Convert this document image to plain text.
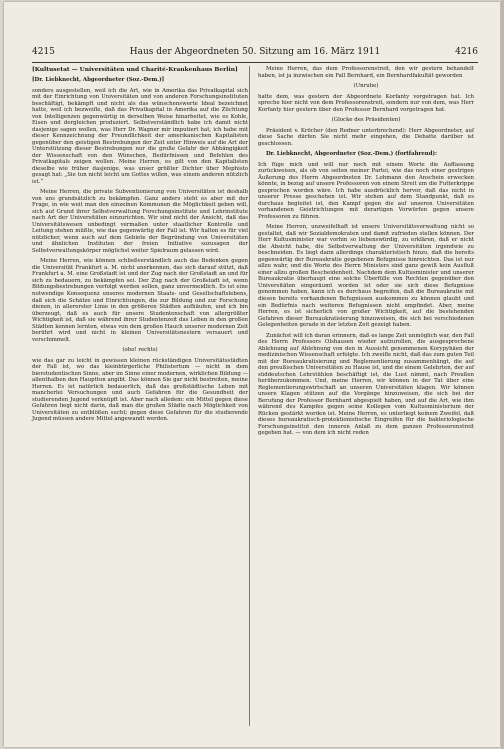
4215	Haus der Abgeordneten 50. Sitzung am 16. März 1911	4216
[Kultusetat — Universitäten und Charité-Krankenhaus Berlin]
[Dr. Liebknecht, Abgeordneter (Soz.-Dem.)]
sonders ausgestellen, weil ich die Art, wie in Amerika das Privatkapital sich mit der Einrichtung von Universitäten und von anderen Forschungsinstituten beschäftigt, bekämpft und nicht als das wünschenswerte Ideal bezeichnet hatte, weil ich bezweifle, daß das Privatkapital in Amerika auf die Züchtung von Intelligenzen gegenwärtig in derselben Weise hinarbeitet, wie es Kohle, Eisen und dergleichen produziert. Selbstverständlich habe ich damit nicht dasjenige sagen wollen, was Herr Dr. Wagner mir imputiert hat, ich habe mit dieser Kennzeichnung der Freundlichkeit der amerikanischen Kapitalisten gegenüber den geistigen Bestrebungen der Zeit unter Hinweis auf die Art der Unterstützung dieser Bestrebungen nur die große Gefahr der Abhängigkeit der Wissenschaft von den Wünschen, Bedürfnissen und Befehlen des Privatkapitals zeigen wollen. Meine Herren, es gilt von den Kapitalisten dieselbe wie früher dasjenige, was unser größter Dichter über Mephisto gesagt hat: „Sie tun nicht leicht um Gottes willen, was einem anderen nützlich ist.“
Meine Herren, die private Subventionierung von Universitäten ist deshalb von uns grundsätzlich zu bekämpfen. Ganz anders steht es aber mit der Frage, in wie weit man den einzelnen Kommunen die Möglichkeit geben will, sich auf Grund ihrer Selbstverwaltung Forschungsinstitute und Lehrinstitute nach Art der Universitäten einzurichten. Wir sind nicht der Ansicht, daß das Universitätswesen unbedingt vermaßen unter staatlicher Kontrolle und Leitung stehen müßte, wie das gegenwärtig der Fall ist. Wir halten es für viel nützlicher, wenn auch auf dem Gebiete der Begründung von Universitäten und ähnlichen Instituten der freien Initiative sozusagen der Selbstverwaltungskörper möglichst weiter Spielraum gelassen wird.
Meine Herren, wie können schließverständlich auch das Bedenken gegen die Universität Frankfurt a. M. nicht anerkennen, das sich darauf stützt, daß Frankfurt a. M. eine Großstadt ist und der Zug nach der Großstadt an und für sich zu bedauern, zu bekämpfen sei. Der Zug nach der Großstadt ist, wenn Bildungsbestrebungen verfolgt werden sollen, ganz unvermeidlich. Es ist eine notwendige Konsequenz unseres modernen Staats- und Gesellschaftslebens, daß sich die Schätze und Einrichtungen, die zur Bildung und zur Forschung dienen, in allererster Linie in den größeren Städten aufhäufen, und ich bin überzeugt, daß es auch für unsere Studentenschaft von allergrößter Wichtigkeit ist, daß sie während ihrer Studentenzeit das Leben in den großen Städten kennen lernten, etwas von dem großen Hauch unserer modernen Zeit berührt wird und nicht in kleinen Universitätsnestern versauert und verschimmelt.
(oho! rechts)
wie das gar zu leicht in gewissen kleinen rückständigen Universitätsstädten der Fall ist, wo das kleinbürgerliche Philistertum — nicht in dem bierstudentischen Sinne, aber im Sinne einer modernen, wirklichen Bildung — allenthalben den Hauptton angibt. Das können Sie gar nicht bestreiten, meine Herren. Es ist natürlich bedauerlich, daß das großstädtische Leben mit mancherlei Versuchungen und auch Gefahren für die Gesundheit der studierenden Jugend verknüpft ist. Aber nach alledem: ein Mittel gegen diese Gefahren liegt nicht darin, daß man die großen Städte nach Möglichkeit von Universitäten zu entblößen sucht; gegen diese Gefahren für die studierende Jugend müssen andere Mittel angewandt werden.
Meine Herren, das dem Professorenstreit, den wir gestern behandelt haben, ist ja inzwischen ein Fall Bernhard, ein Bernhardfakultät geworden
(Unruhe)
hatte dem, was gestern der Abgeordnete Korfanty vorgetragen hat. Ich spreche hier nicht von dem Professorenstreit, sondern nur von dem, was Herr Korfanty hier gestern über den Professor Bernhard vorgetragen hat.
(Glocke des Präsidenten)
Präsident v. Kröcher (den Redner unterbrechend): Herr Abgeordneter, auf diese Sache dürfen Sie nicht mehr eingehen, die Debatte darüber ist geschlossen.
Dr. Liebknecht, Abgeordneter (Soz.-Dem.) (fortfahrend):
Ich füge mich und will nur noch mit einem Worte die Auffassung zurückweisen, als ob von seiten meiner Partei, wie das noch einer gestrigen Äußerung des Herrn Abgeordneten Dr. Lohmann den Anschein erwecken könnte, in bezug auf unsere Professoren von einem Streit um die Futterkrippe gesprochen worden wäre. Ich habe ausdrücklich hervor, daß das nicht in unserer Presse geschehen ist. Wir stehen auf dem Standpunkt, daß es durchaus begleitet ist, den Kampf gegen die auf unseren Universitäten vorhandenen Geistrichtungen mit derartigen Vorwürfen gegen unsere Professoren zu führen.
Meine Herren, unzweifelhaft ist unsere Universitätsverwaltung nicht so gestaltet, daß wir Sozialdemokraten und damit zufrieden stellen können. Der Herr Kultusminister war vorhin so liebenswürdig, zu erklären, daß er nicht die Absicht habe, die Selbstverwaltung der Universitäten irgendwie zu beschneiden. Es liegt dann allerdings charakteristisch hinzu, daß die bereits gegenwärtig der Bureaukratie gegebenen Befugnisse hinreichten. Das ist nur allzu wahr, und die Worte des Herrn Ministers sind ganz gewiß kein Ausfluß einer allzu großen Bescheidenheit. Nachdem dem Kultusminister und unserer Bureaukratie überhaupt eine solche Überfülle von Rechten gegenüber den Universitäten eingeräumt worden ist oder sie sich diese Befugnisse genommen haben, kann ich es durchaus begreifen, daß die Bureaukratie mit diesen bereits vorhandenen Befugnissen auskommen zu können glaubt und ein Bedürfnis nach weiteren Befugnissen nicht empfindet. Aber, meine Herren, es ist sicherlich von großer Wichtigkeit, auf die bestehenden Gefahren dieser Bureaukratisierung hinzuweisen, die sich bei verschiedenen Gelegenheiten gerade in der letzten Zeit gezeigt haben.
Zunächst will ich daran erinnern, daß es lange Zeit unmöglich war, den Fall des Herrn Professors Olshausen wieder aufzurollen, die ausgesprochene Ablehnung auf Ablehnung von den in Aussicht genommenen Korypyhäen der medizinischen Wissenschaft erfolgte. Ich zweifle nicht, daß das zum guten Teil mit der Bureaukratisierung und Reglementierung zusammenhängt, die auf den preußischen Universitäten zu Hause ist, und die einem Gelehrten, der auf süddeutschen Lehrstühlen beschäftigt ist, die Lust nimmt, nach Preußen herüberzukommen. Und, meine Herren, wir können in der Tat über eine Reglementierungswirtschaft an unseren Universitäten klagen. Wir können unsere Klagen stützen auf die Vorgänge hinzuweisen, die sich bei der Berufung der Professor Bernhard abgespielt haben, und auf die Art, wie ihm während des Kampfes gegen seine Kollegen vom Kultusministerium der Rücken gestärkt worden ist. Meine Herren, es unterliegt keinem Zweifel, daß dieses bureaukratisch-protektionistische Eingreifen für die bakteriologische Forschungsinstitut den inneren Anlaß zu dem ganzen Professorenstreit gegeben hat. — von dem ich nicht reden
